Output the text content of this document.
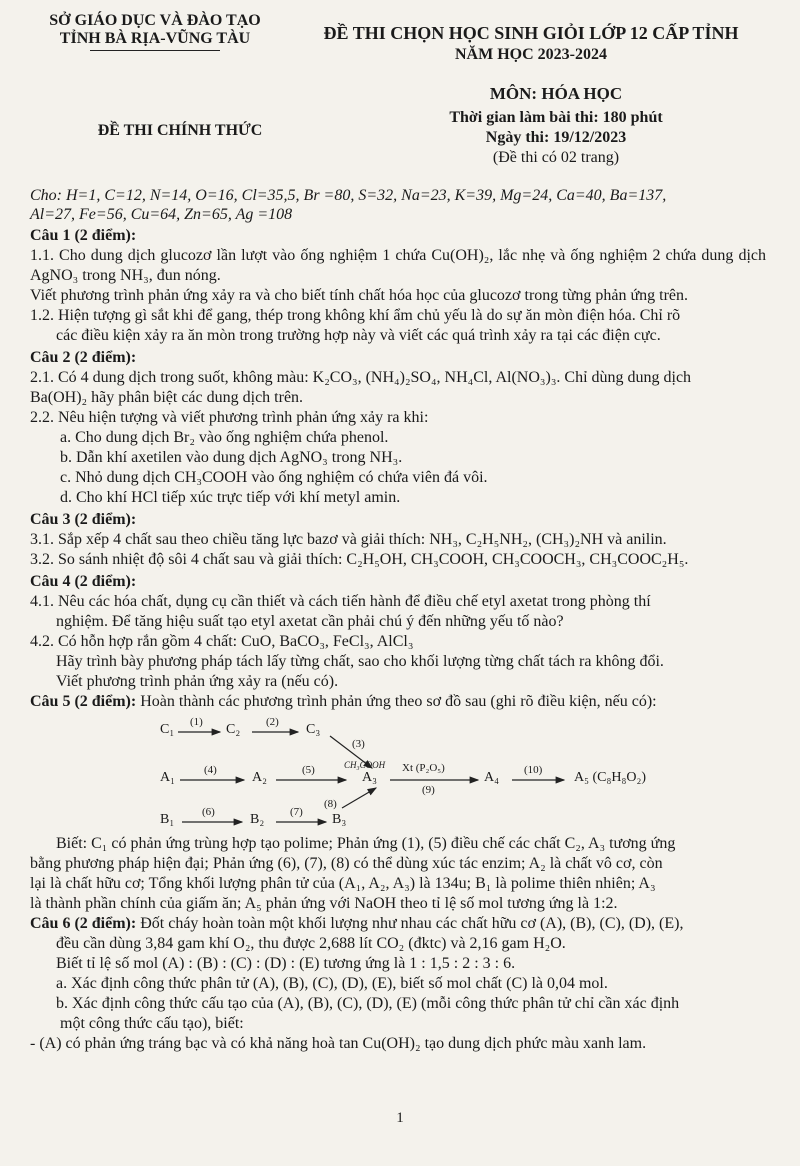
SỞ GIÁO DỤC VÀ ĐÀO TẠO
TỈNH BÀ RỊA-VŨNG TÀU	ĐỀ THI CHỌN HỌC SINH GIỎI LỚP 12 CẤP TỈNH
NĂM HỌC 2023-2024
ĐỀ THI CHÍNH THỨC
MÔN: HÓA HỌC
Thời gian làm bài thi: 180 phút
Ngày thi: 19/12/2023
(Đề thi có 02 trang)
Cho: H=1, C=12, N=14, O=16, Cl=35,5, Br =80, S=32, Na=23, K=39, Mg=24, Ca=40, Ba=137,
Al=27, Fe=56, Cu=64, Zn=65, Ag =108
Câu 1 (2 điểm):
1.1. Cho dung dịch glucozơ lần lượt vào ống nghiệm 1 chứa Cu(OH)₂, lắc nhẹ và ống nghiệm 2 chứa dung dịch AgNO₃ trong NH₃, đun nóng.
Viết phương trình phản ứng xảy ra và cho biết tính chất hóa học của glucozơ trong từng phản ứng trên.
1.2. Hiện tượng gì sắt khi để gang, thép trong không khí ẩm chủ yếu là do sự ăn mòn điện hóa. Chỉ rõ
các điều kiện xảy ra ăn mòn trong trường hợp này và viết các quá trình xảy ra tại các điện cực.
Câu 2 (2 điểm):
2.1. Có 4 dung dịch trong suốt, không màu: K₂CO₃, (NH₄)₂SO₄, NH₄Cl, Al(NO₃)₃. Chỉ dùng dung dịch
Ba(OH)₂ hãy phân biệt các dung dịch trên.
2.2. Nêu hiện tượng và viết phương trình phản ứng xảy ra khi:
a. Cho dung dịch Br₂ vào ống nghiệm chứa phenol.
b. Dẫn khí axetilen vào dung dịch AgNO₃ trong NH₃.
c. Nhỏ dung dịch CH₃COOH vào ống nghiệm có chứa viên đá vôi.
d. Cho khí HCl tiếp xúc trực tiếp với khí metyl amin.
Câu 3 (2 điểm):
3.1. Sắp xếp 4 chất sau theo chiều tăng lực bazơ và giải thích: NH₃, C₂H₅NH₂, (CH₃)₂NH và anilin.
3.2. So sánh nhiệt độ sôi 4 chất sau và giải thích: C₂H₅OH, CH₃COOH, CH₃COOCH₃, CH₃COOC₂H₅.
Câu 4 (2 điểm):
4.1. Nêu các hóa chất, dụng cụ cần thiết và cách tiến hành để điều chế etyl axetat trong phòng thí
nghiệm. Để tăng hiệu suất tạo etyl axetat cần phải chú ý đến những yếu tố nào?
4.2. Có hỗn hợp rắn gồm 4 chất: CuO, BaCO₃, FeCl₃, AlCl₃
Hãy trình bày phương pháp tách lấy từng chất, sao cho khối lượng từng chất tách ra không đổi.
Viết phương trình phản ứng xảy ra (nếu có).
Câu 5 (2 điểm): Hoàn thành các phương trình phản ứng theo sơ đồ sau (ghi rõ điều kiện, nếu có):
C₁	C₂	C₃
(1)	(2)
(3)
A₁	(4)	A₂	(5)	CH₃COOH
A₃
Xt (P₂O₅)
(9)
A₄ (10) A₅ (C₈H₈O₂)
(8)
B₁	(6)	B₂ (7) B₃
Biết: C₁ có phản ứng trùng hợp tạo polime; Phản ứng (1), (5) điều chế các chất C₂, A₃ tương ứng
bằng phương pháp hiện đại; Phản ứng (6), (7), (8) có thể dùng xúc tác enzim; A₂ là chất vô cơ, còn
lại là chất hữu cơ; Tổng khối lượng phân tử của (A₁, A₂, A₃) là 134u; B₁ là polime thiên nhiên; A₃
là thành phần chính của giấm ăn; A₅ phản ứng với NaOH theo tỉ lệ số mol tương ứng là 1:2.
Câu 6 (2 điểm): Đốt cháy hoàn toàn một khối lượng như nhau các chất hữu cơ (A), (B), (C), (D), (E),
đều cần dùng 3,84 gam khí O₂, thu được 2,688 lít CO₂ (đktc) và 2,16 gam H₂O.
Biết tỉ lệ số mol (A) : (B) : (C) : (D) : (E) tương ứng là 1 : 1,5 : 2 : 3 : 6.
a. Xác định công thức phân tử (A), (B), (C), (D), (E), biết số mol chất (C) là 0,04 mol.
b. Xác định công thức cấu tạo của (A), (B), (C), (D), (E) (mỗi công thức phân tử chỉ cần xác định
một công thức cấu tạo), biết:
- (A) có phản ứng tráng bạc và có khả năng hoà tan Cu(OH)₂ tạo dung dịch phức màu xanh lam.
1
